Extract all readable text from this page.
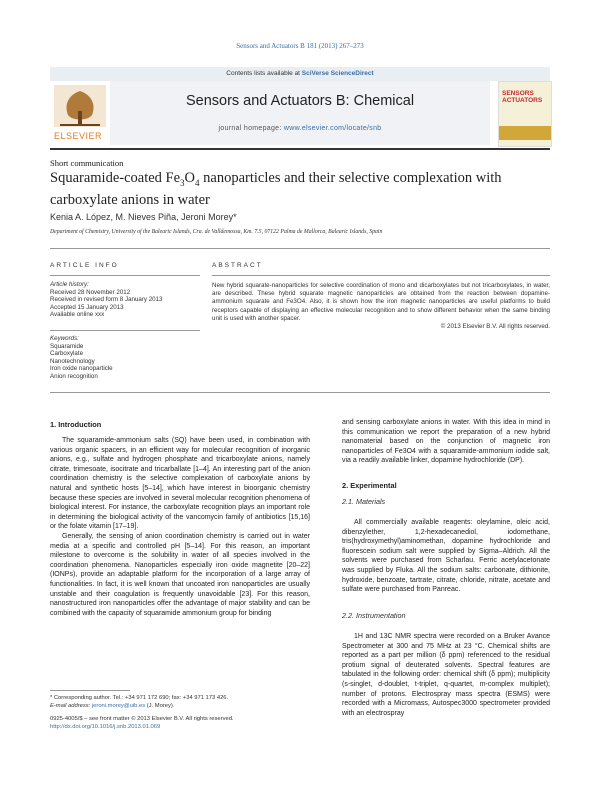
Sensors and Actuators B 181 (2013) 267–273
Contents lists available at SciVerse ScienceDirect
ELSEVIER
Sensors and Actuators B: Chemical
journal homepage: www.elsevier.com/locate/snb
SENSORS
ACTUATORS
Short communication
Squaramide-coated $Fe_3O_4$ nanoparticles and their selective complexation with carboxylate anions in water
Kenia A. López, M. Nieves Piña, Jeroni Morey*
Department of Chemistry, University of the Balearic Islands, Cra. de Valldemossa, Km. 7.5, 07122 Palma de Mallorca, Balearic Islands, Spain
ARTICLE INFO
Article history:
Received 28 November 2012
Received in revised form 8 January 2013
Accepted 15 January 2013
Available online xxx
Keywords:
Squaramide
Carboxylate
Nanotechnology
Iron oxide nanoparticle
Anion recognition
ABSTRACT
New hybrid squarate-nanoparticles for selective coordination of mono and dicarboxylates but not tricarboxylates, in water, are described. These hybrid squarate magnetic nanoparticles are obtained from the reaction between dopamine-ammonium squarate and Fe3O4. Also, it is shown how the iron magnetic nanoparticles are useful platforms to build receptors capable of displaying an effective molecular recognition and to show different behavior when the same binding unit is used with another spacer.
© 2013 Elsevier B.V. All rights reserved.
1. Introduction

The squaramide-ammonium salts (SQ) have been used, in combination with various organic spacers, in an efficient way for molecular recognition of inorganic anions, e.g., sulfate and hydrogen phosphate and tricarboxylate anions, namely citrate, trimesoate, isocitrate and tricarballate [1–4]. An interesting part of the anion coordination chemistry is the selective complexation of carboxylate anions by natural and synthetic hosts [5–14], which have interest in bioorganic chemistry because these species are involved in several molecular recognition phenomena of biological interest. For instance, the carboxylate recognition plays an important role in determining the biological activity of the vancomycin family of antibiotics [15,16] or the folate vitamin [17–19].

Generally, the sensing of anion coordination chemistry is carried out in water media at a specific and controlled pH [5–14]. For this reason, an important milestone to overcome is the solubility in water of all species involved in the coordination phenomena. Nanoparticles especially iron oxide magnetite [20–22] (IONPs), provide an adaptable platform for the incorporation of a large array of functionalities. In fact, it is well known that uncoated iron nanoparticles are usually unstable and their coagulation is frequently unavoidable [23]. For this reason, nanostructured iron nanoparticles offer the advantage of major stability and can be combined with the capacity of squaramide ammonium group for binding

and sensing carboxylate anions in water. With this idea in mind in this communication we report the preparation of a new hybrid nanomaterial based on the conjunction of magnetic iron nanoparticles of Fe3O4 with a squaramide-ammonium iodide salt, via a readily available linker, dopamine hydrochloride (DP).

2. Experimental
2.1. Materials

All commercially available reagents: oleylamine, oleic acid, dibenzylether, 1,2-hexadecanediol, iodomethane, tris(hydroxymethyl)aminomethan, dopamine hydrochloride and fluorescein sodium salt were supplied by Sigma–Aldrich. All the solvents were purchased from Scharlau. Ferric acetylacetonate was supplied by Fluka. All the sodium salts: carbonate, dithionite, hydroxide, benzoate, tartrate, citrate, chloride, nitrate, acetate and sulfate were purchased from Panreac.

2.2. Instrumentation

1H and 13C NMR spectra were recorded on a Bruker Avance Spectrometer at 300 and 75 MHz at 23 °C. Chemical shifts are reported as a part per million (δ ppm) referenced to the residual protium signal of deuterated solvents. Spectral features are tabulated in the following order: chemical shift (δ ppm); multiplicity (s-singlet, d-doublet, t-triplet, q-quartet, m-complex multiplet); number of protons. Electrospray mass spectra (ESMS) were recorded with a Micromass, Autospec3000 spectrometer provided with an electrospray

* Corresponding author. Tel.: +34 971 172 690; fax: +34 971 173 426.
E-mail address: jeroni.morey@uib.es (J. Morey).

0925-4005/$ – see front matter © 2013 Elsevier B.V. All rights reserved.
http://dx.doi.org/10.1016/j.snb.2013.01.069
